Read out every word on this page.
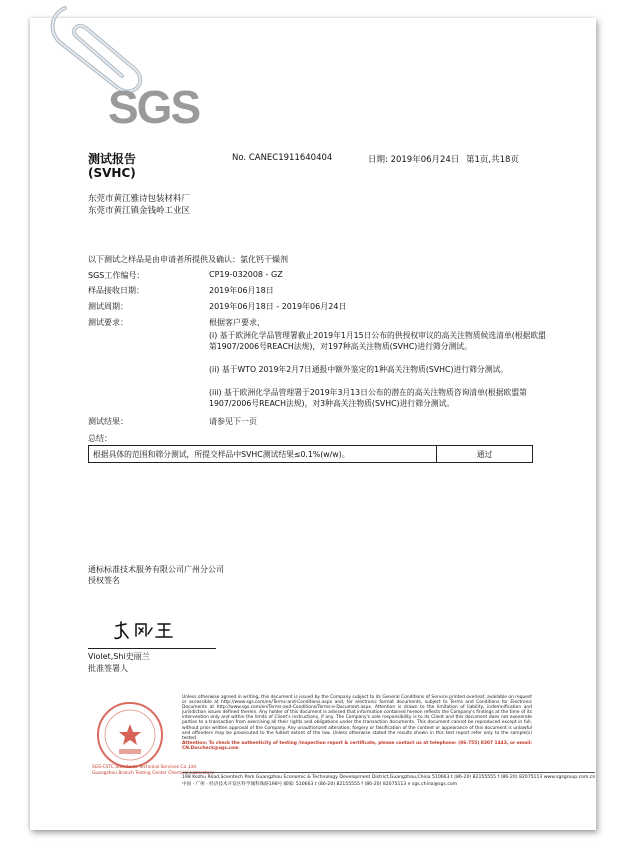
SGS
测试报告
(SVHC)
No. CANEC1911640404	日期: 2019年06月24日 第1页,共18页
东莞市黄江雅诗包装材料厂
东莞市黄江镇金钱岭工业区
以下测试之样品是由申请者所提供及确认：氯化钙干燥剂
SGS工作编号：	CP19-032008 - GZ
样品接收日期：	2019年06月18日
测试周期：	2019年06月18日 - 2019年06月24日
测试要求：	根据客户要求，
(i) 基于欧洲化学品管理署截止2019年1月15日公布的供授权审议的高关注物质候选清单(根据欧盟第1907/2006号REACH法规)，对197种高关注物质(SVHC)进行筛分测试。
(ii) 基于WTO 2019年2月7日通报中额外鉴定的1种高关注物质(SVHC)进行筛分测试。
(iii) 基于欧洲化学品管理署于2019年3月13日公布的潜在的高关注物质咨询清单(根据欧盟第1907/2006号REACH法规)，对3种高关注物质(SVHC)进行筛分测试。
测试结果：	请参见下一页
总结：
根据具体的范围和筛分测试，所提交样品中SVHC测试结果≤0.1%(w/w)。	通过
通标标准技术服务有限公司广州分公司
授权签名
Violet,Shi史丽兰
批准签署人
SGS-CSTC Standards Technical Services Co.,Ltd.
Guangzhou Branch Testing Center Chemical Laboratory
Unless otherwise agreed in writing, this document is issued by the Company subject to its General Conditions of Service printed overleaf, available on request or accessible at http://www.sgs.com/en/Terms-and-Conditions.aspx and, for electronic format documents, subject to Terms and Conditions for Electronic Documents at http://www.sgs.com/en/Terms-and-Conditions/Terms-e-Document.aspx. Attention is drawn to the limitation of liability, indemnification and jurisdiction issues defined therein. Any holder of this document is advised that information contained hereon reflects the Company's findings at the time of its intervention only and within the limits of Client's instructions, if any. The Company's sole responsibility is to its Client and this document does not exonerate parties to a transaction from exercising all their rights and obligations under the transaction documents. This document cannot be reproduced except in full, without prior written approval of the Company. Any unauthorized alteration, forgery or falsification of the content or appearance of this document is unlawful and offenders may be prosecuted to the fullest extent of the law. Unless otherwise stated the results shown in this test report refer only to the sample(s) tested.
Attention: To check the authenticity of testing /inspection report & certificate, please contact us at telephone: (86-755) 8307 1443, or email: CN.Doccheck@sgs.com
198 Kezhu Road,Scientech Park Guangzhou Economic & Technology Development District,Guangzhou,China 510663 t (86-20) 82155555 f (86-20) 82075113 www.sgsgroup.com.cn
中国 · 广州 · 经济技术开发区科学城科珠路198号 邮编: 510663 t (86-20) 82155555 f (86-20) 82075113 e sgs.china@sgs.com
